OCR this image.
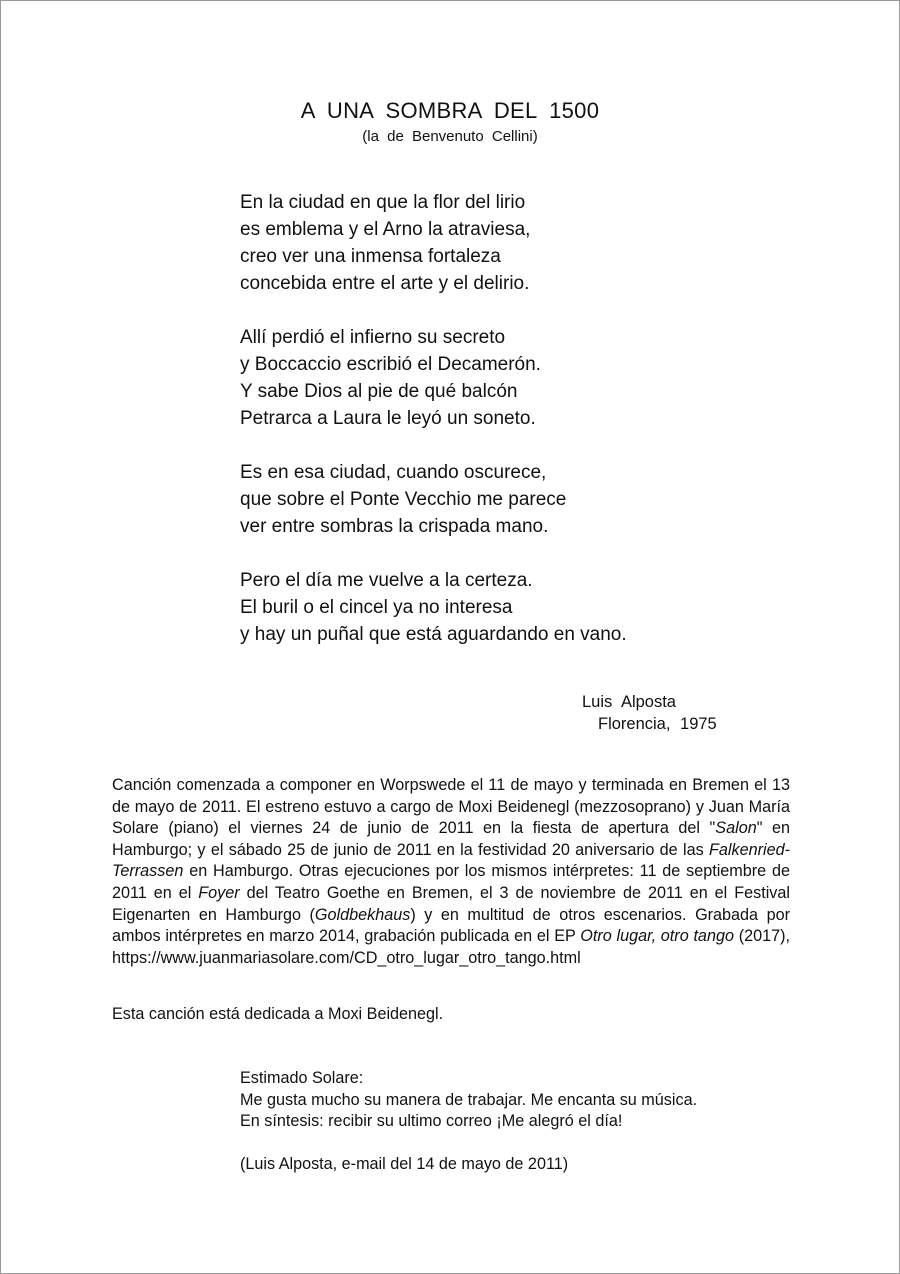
A UNA SOMBRA DEL 1500
(la de Benvenuto Cellini)
En la ciudad en que la flor del lirio
es emblema y el Arno la atraviesa,
creo ver una inmensa fortaleza
concebida entre el arte y el delirio.
Allí perdió el infierno su secreto
y Boccaccio escribió el Decamerón.
Y sabe Dios al pie de qué balcón
Petrarca a Laura le leyó un soneto.
Es en esa ciudad, cuando oscurece,
que sobre el Ponte Vecchio me parece
ver entre sombras la crispada mano.
Pero el día me vuelve a la certeza.
El buril o el cincel ya no interesa
y hay un puñal que está aguardando en vano.
Luis Alposta
Florencia, 1975
Canción comenzada a componer en Worpswede el 11 de mayo y terminada en Bremen el 13 de mayo de 2011. El estreno estuvo a cargo de Moxi Beidenegl (mezzosoprano) y Juan María Solare (piano) el viernes 24 de junio de 2011 en la fiesta de apertura del "Salon" en Hamburgo; y el sábado 25 de junio de 2011 en la festividad 20 aniversario de las Falkenried-Terrassen en Hamburgo. Otras ejecuciones por los mismos intérpretes: 11 de septiembre de 2011 en el Foyer del Teatro Goethe en Bremen, el 3 de noviembre de 2011 en el Festival Eigenarten en Hamburgo (Goldbekhaus) y en multitud de otros escenarios. Grabada por ambos intérpretes en marzo 2014, grabación publicada en el EP Otro lugar, otro tango (2017), https://www.juanmariasolare.com/CD_otro_lugar_otro_tango.html
Esta canción está dedicada a Moxi Beidenegl.
Estimado Solare:
Me gusta mucho su manera de trabajar. Me encanta su música.
En síntesis: recibir su ultimo correo ¡Me alegró el día!
(Luis Alposta, e-mail del 14 de mayo de 2011)
